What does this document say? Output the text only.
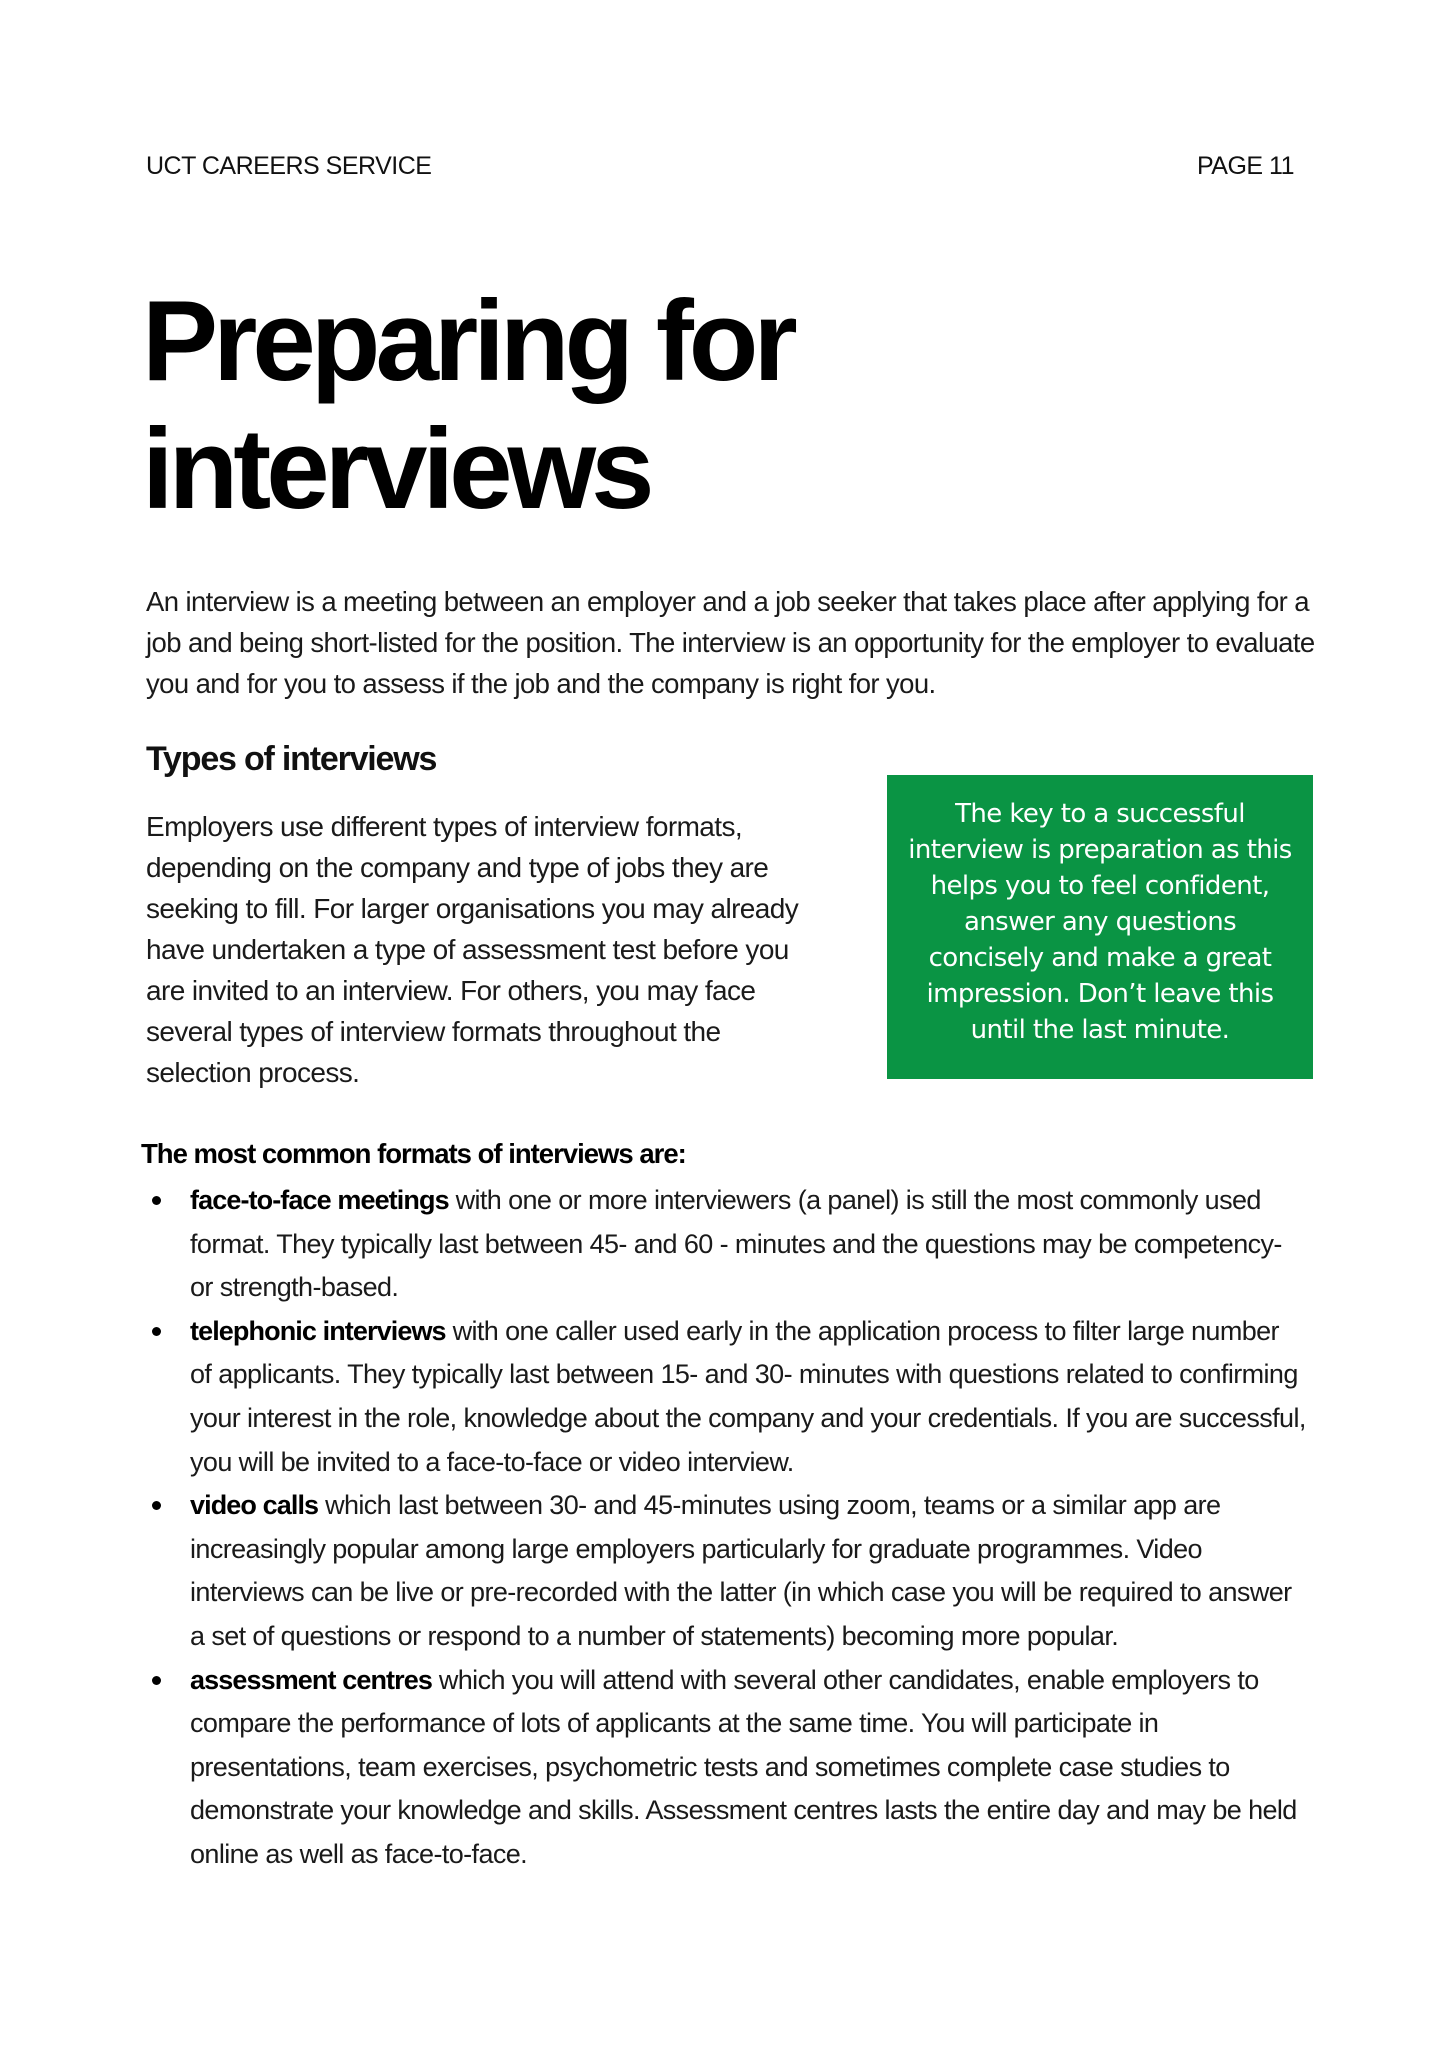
UCT CAREERS SERVICE	PAGE 11
Preparing for
interviews

An interview is a meeting between an employer and a job seeker that takes place after applying for a job and being short-listed for the position. The interview is an opportunity for the employer to evaluate you and for you to assess if the job and the company is right for you.

Types of interviews

Employers use different types of interview formats, depending on the company and type of jobs they are seeking to fill. For larger organisations you may already have undertaken a type of assessment test before you are invited to an interview. For others, you may face several types of interview formats throughout the selection process.

The key to a successful interview is preparation as this helps you to feel confident, answer any questions concisely and make a great impression. Don’t leave this until the last minute.
The most common formats of interviews are:
face-to-face meetings with one or more interviewers (a panel) is still the most commonly used format. They typically last between 45- and 60 - minutes and the questions may be competency- or strength-based.
telephonic interviews with one caller used early in the application process to filter large number of applicants. They typically last between 15- and 30- minutes with questions related to confirming your interest in the role, knowledge about the company and your credentials. If you are successful, you will be invited to a face-to-face or video interview.
video calls which last between 30- and 45-minutes using zoom, teams or a similar app are increasingly popular among large employers particularly for graduate programmes. Video interviews can be live or pre-recorded with the latter (in which case you will be required to answer a set of questions or respond to a number of statements) becoming more popular.
assessment centres which you will attend with several other candidates, enable employers to compare the performance of lots of applicants at the same time. You will participate in presentations, team exercises, psychometric tests and sometimes complete case studies to demonstrate your knowledge and skills. Assessment centres lasts the entire day and may be held online as well as face-to-face.
